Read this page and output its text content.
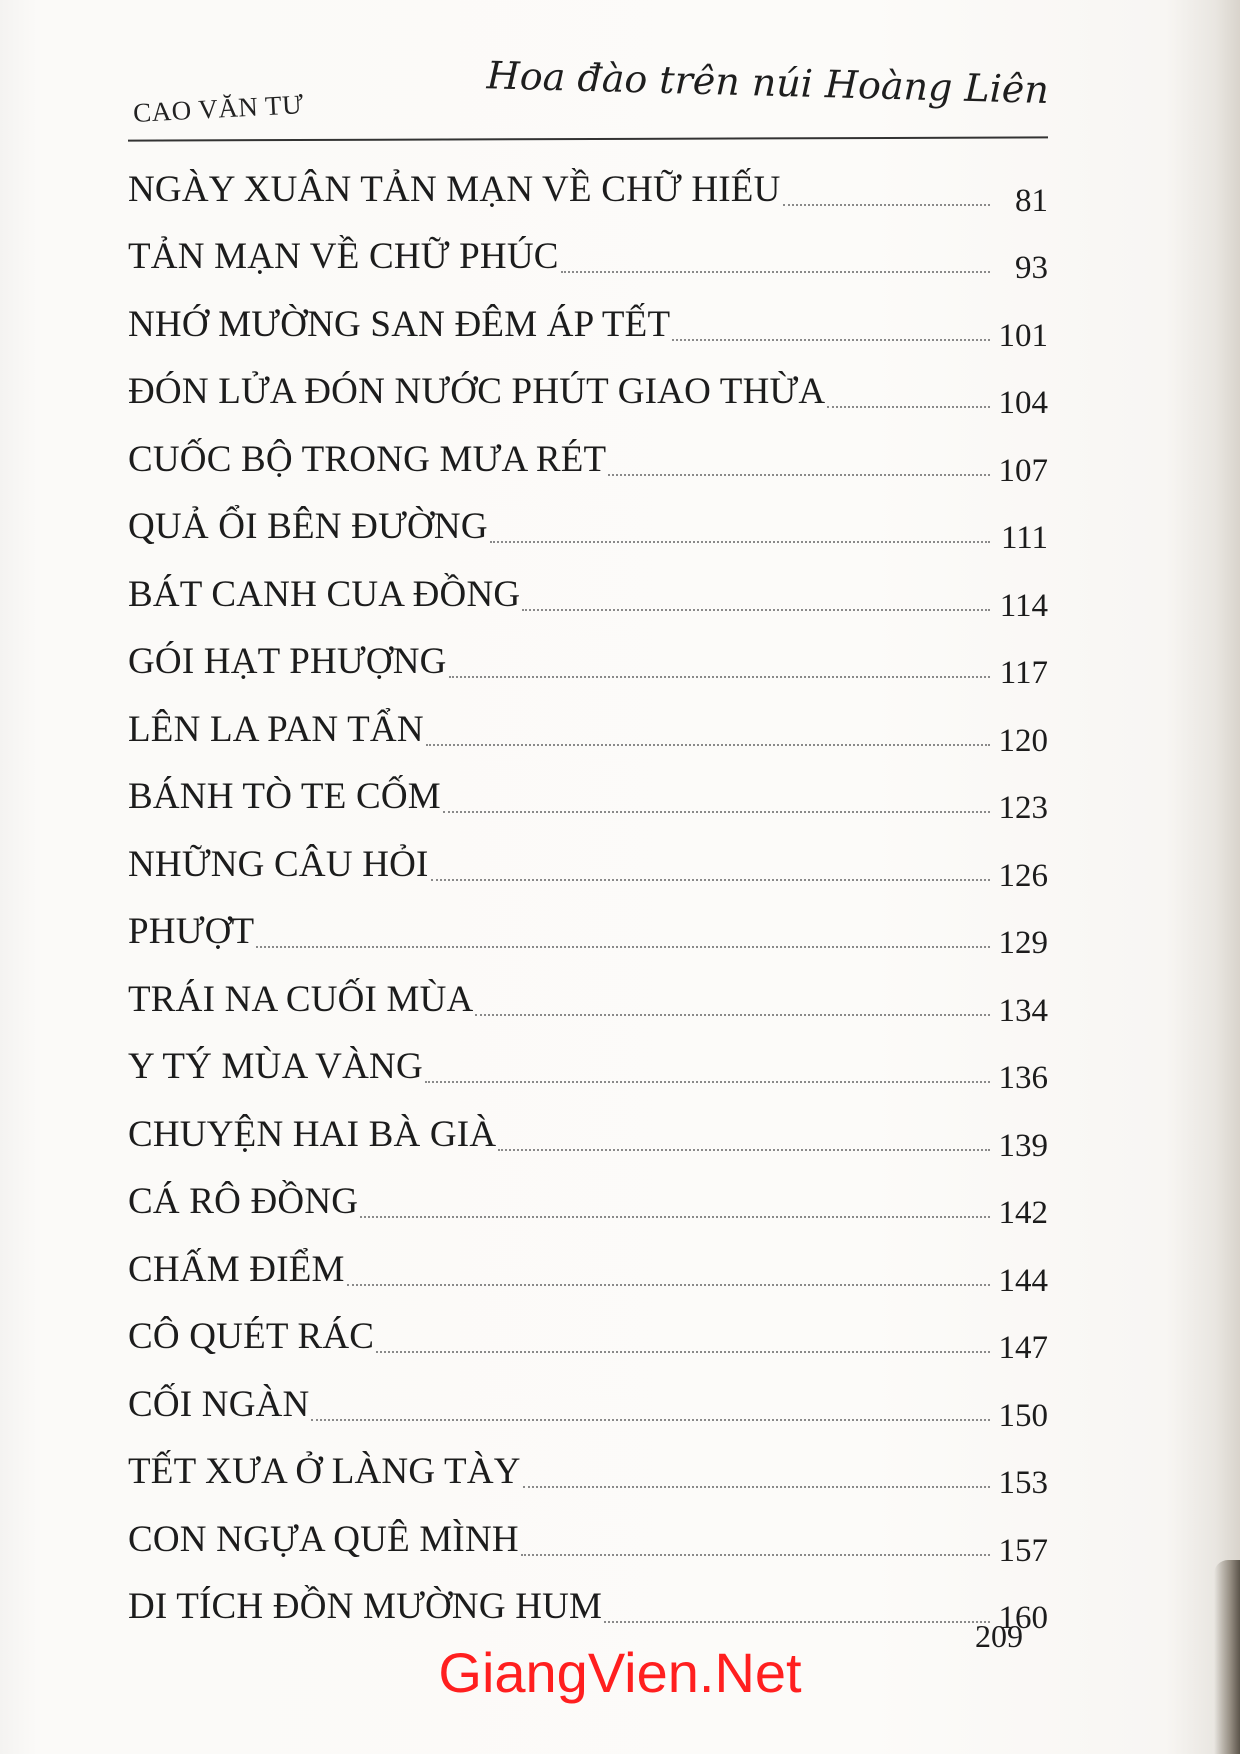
CAO VĂN TƯ	Hoa đào trên núi Hoàng Liên
NGÀY XUÂN TẢN MẠN VỀ CHỮ HIẾU	81
TẢN MẠN VỀ CHỮ PHÚC	93
NHỚ MƯỜNG SAN ĐÊM ÁP TẾT	101
ĐÓN LỬA ĐÓN NƯỚC PHÚT GIAO THỪA	104
CUỐC BỘ TRONG MƯA RÉT	107
QUẢ ỔI BÊN ĐƯỜNG	111
BÁT CANH CUA ĐỒNG	114
GÓI HẠT PHƯỢNG	117
LÊN LA PAN TẨN	120
BÁNH TÒ TE CỐM	123
NHỮNG CÂU HỎI	126
PHƯỢT	129
TRÁI NA CUỐI MÙA	134
Y TÝ MÙA VÀNG	136
CHUYỆN HAI BÀ GIÀ	139
CÁ RÔ ĐỒNG	142
CHẤM ĐIỂM	144
CÔ QUÉT RÁC	147
CỐI NGÀN	150
TẾT XƯA Ở LÀNG TÀY	153
CON NGỰA QUÊ MÌNH	157
DI TÍCH ĐỒN MƯỜNG HUM	160
209
GiangVien.Net
